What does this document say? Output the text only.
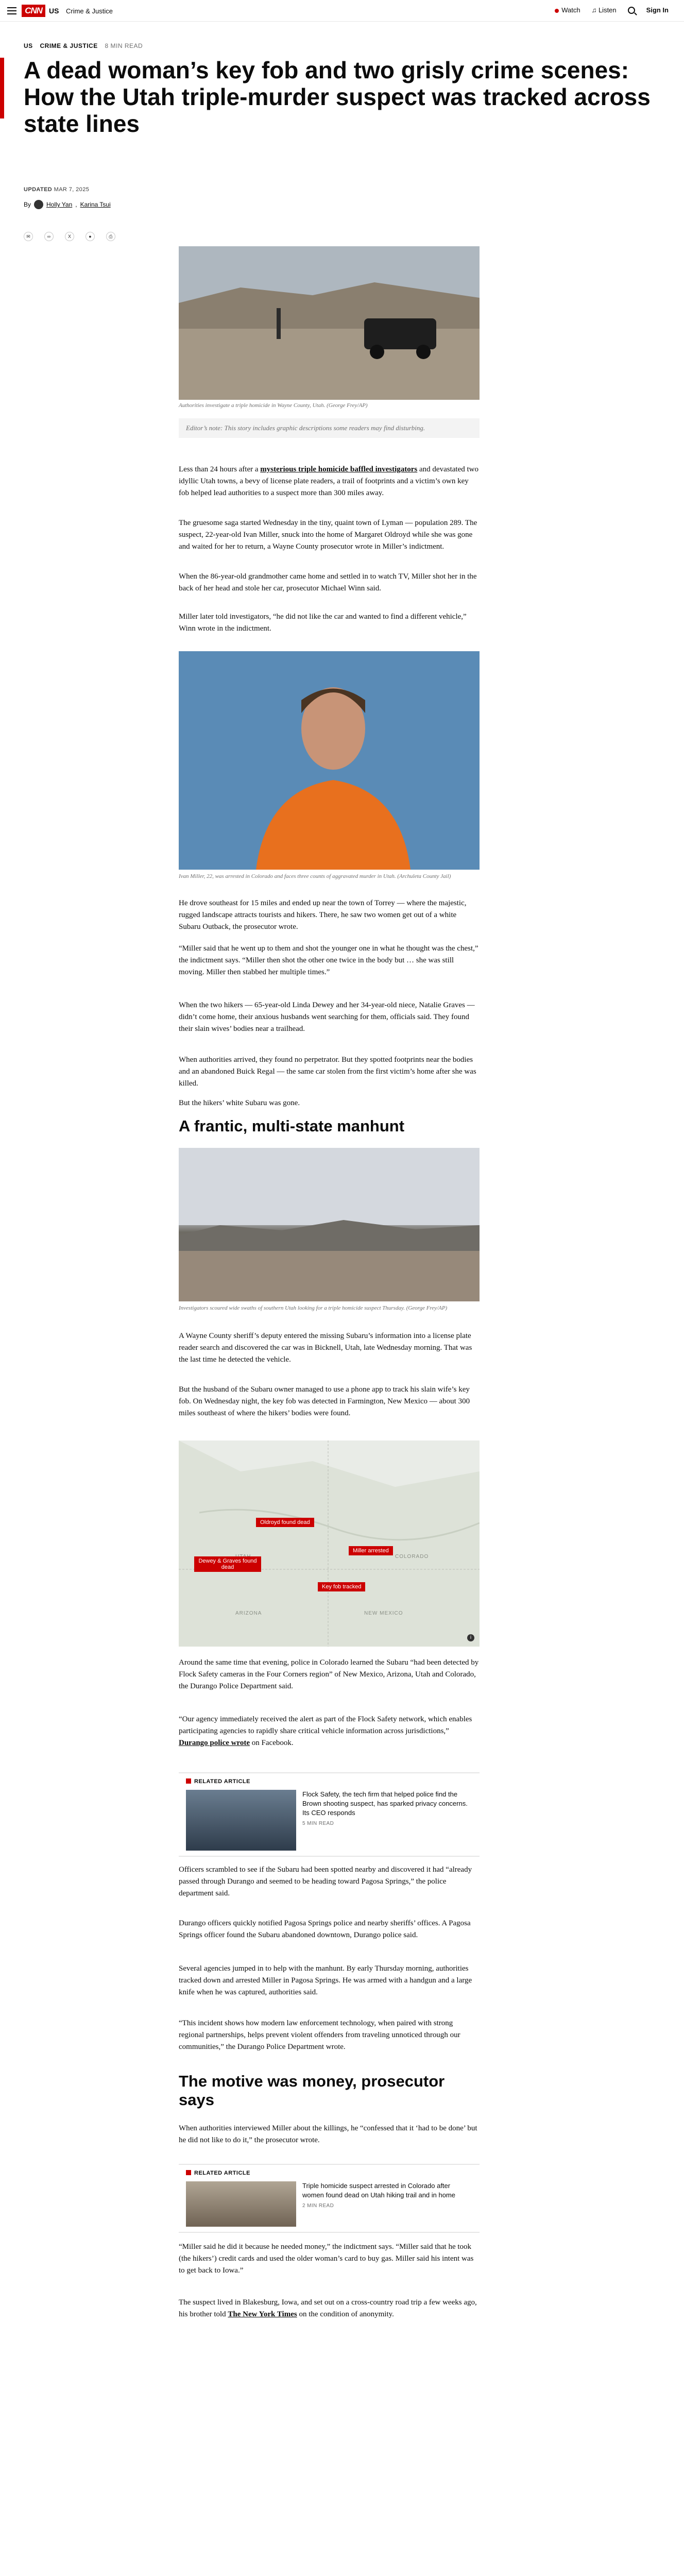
CNN US Crime & Justice	Watch ♫ Listen	Sign In
US CRIME & JUSTICE 8 MIN READ
A dead woman’s key fob and two grisly crime scenes: How the Utah triple-murder suspect was tracked across state lines
UPDATED MAR 7, 2025
By	Holly Yan , Karina Tsui
✉	∞	X	●	⎙
Authorities investigate a triple homicide in Wayne County, Utah. (George Frey/AP)
Editor’s note: This story includes graphic descriptions some readers may find disturbing.
Less than 24 hours after a mysterious triple homicide baffled investigators and devastated two idyllic Utah towns, a bevy of license plate readers, a trail of footprints and a victim’s own key fob helped lead authorities to a suspect more than 300 miles away.
The gruesome saga started Wednesday in the tiny, quaint town of Lyman — population 289. The suspect, 22-year-old Ivan Miller, snuck into the home of Margaret Oldroyd while she was gone and waited for her to return, a Wayne County prosecutor wrote in Miller’s indictment.
When the 86-year-old grandmother came home and settled in to watch TV, Miller shot her in the back of her head and stole her car, prosecutor Michael Winn said.
Miller later told investigators, “he did not like the car and wanted to find a different vehicle,” Winn wrote in the indictment.
Ivan Miller, 22, was arrested in Colorado and faces three counts of aggravated murder in Utah. (Archuleta County Jail)
He drove southeast for 15 miles and ended up near the town of Torrey — where the majestic, rugged landscape attracts tourists and hikers. There, he saw two women get out of a white Subaru Outback, the prosecutor wrote.
“Miller said that he went up to them and shot the younger one in what he thought was the chest,” the indictment says. “Miller then shot the other one twice in the body but … she was still moving. Miller then stabbed her multiple times.”
When the two hikers — 65-year-old Linda Dewey and her 34-year-old niece, Natalie Graves — didn’t come home, their anxious husbands went searching for them, officials said. They found their slain wives’ bodies near a trailhead.
When authorities arrived, they found no perpetrator. But they spotted footprints near the bodies and an abandoned Buick Regal — the same car stolen from the first victim’s home after she was killed.
But the hikers’ white Subaru was gone.
A frantic, multi-state manhunt
Investigators scoured wide swaths of southern Utah looking for a triple homicide suspect Thursday. (George Frey/AP)
A Wayne County sheriff’s deputy entered the missing Subaru’s information into a license plate reader search and discovered the car was in Bicknell, Utah, late Wednesday morning. That was the last time he detected the vehicle.
But the husband of the Subaru owner managed to use a phone app to track his slain wife’s key fob. On Wednesday night, the key fob was detected in Farmington, New Mexico — about 300 miles southeast of where the hikers’ bodies were found.
COLORADO
ARIZONA	NEW MEXICO
Oldroyd found dead
Dewey & Graves found dead
Miller arrested
Key fob tracked
i
Around the same time that evening, police in Colorado learned the Subaru “had been detected by Flock Safety cameras in the Four Corners region” of New Mexico, Arizona, Utah and Colorado, the Durango Police Department said.
“Our agency immediately received the alert as part of the Flock Safety network, which enables participating agencies to rapidly share critical vehicle information across jurisdictions,” Durango police wrote on Facebook.
RELATED ARTICLE
Flock Safety, the tech firm that helped police find the Brown shooting suspect, has sparked privacy concerns. Its CEO responds
5 MIN READ
Officers scrambled to see if the Subaru had been spotted nearby and discovered it had “already passed through Durango and seemed to be heading toward Pagosa Springs,” the police department said.
Durango officers quickly notified Pagosa Springs police and nearby sheriffs’ offices. A Pagosa Springs officer found the Subaru abandoned downtown, Durango police said.
Several agencies jumped in to help with the manhunt. By early Thursday morning, authorities tracked down and arrested Miller in Pagosa Springs. He was armed with a handgun and a large knife when he was captured, authorities said.
“This incident shows how modern law enforcement technology, when paired with strong regional partnerships, helps prevent violent offenders from traveling unnoticed through our communities,” the Durango Police Department wrote.
The motive was money, prosecutor says
When authorities interviewed Miller about the killings, he “confessed that it ‘had to be done’ but he did not like to do it,” the prosecutor wrote.
RELATED ARTICLE
Triple homicide suspect arrested in Colorado after women found dead on Utah hiking trail and in home
2 MIN READ
“Miller said he did it because he needed money,” the indictment says. “Miller said that he took (the hikers’) credit cards and used the older woman’s card to buy gas. Miller said his intent was to get back to Iowa.”
The suspect lived in Blakesburg, Iowa, and set out on a cross-country road trip a few weeks ago, his brother told The New York Times on the condition of anonymity.
